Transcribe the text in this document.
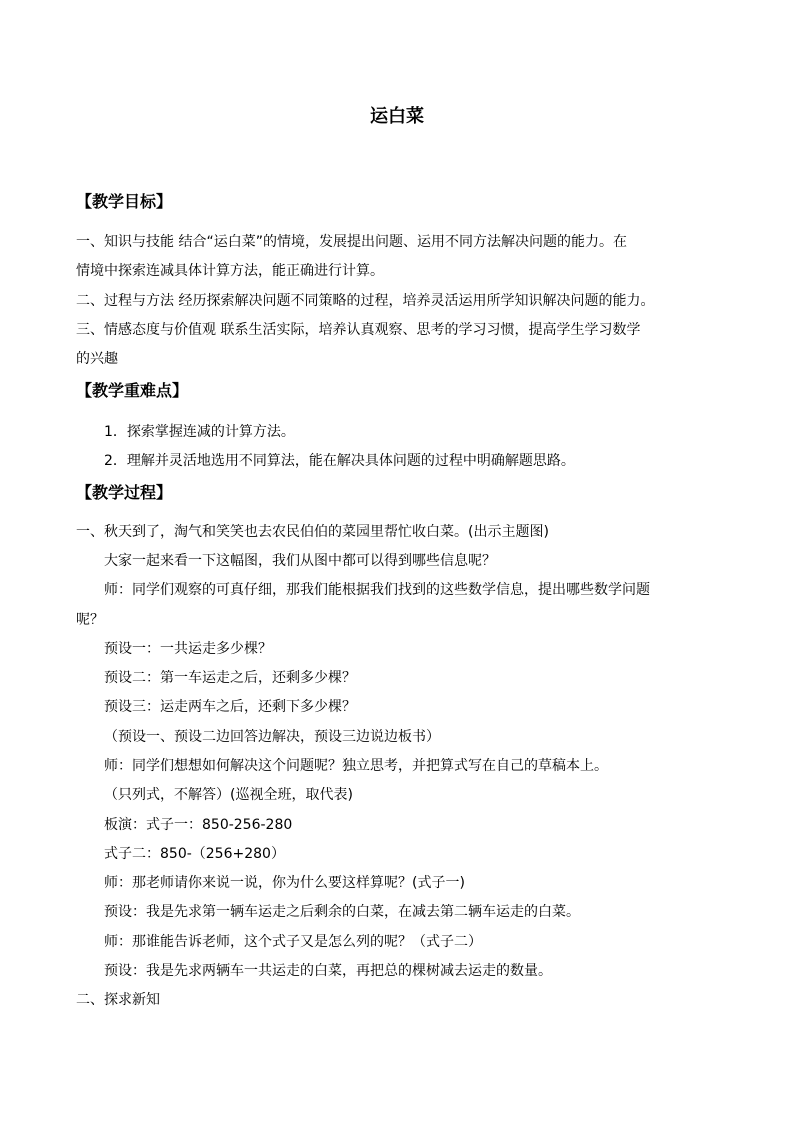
运白菜
【教学目标】
一、知识与技能 结合“运白菜”的情境，发展提出问题、运用不同方法解决问题的能力。在
情境中探索连减具体计算方法，能正确进行计算。
二、过程与方法 经历探索解决问题不同策略的过程，培养灵活运用所学知识解决问题的能力。
三、情感态度与价值观 联系生活实际，培养认真观察、思考的学习习惯，提高学生学习数学
的兴趣
【教学重难点】
1．探索掌握连减的计算方法。
2．理解并灵活地选用不同算法，能在解决具体问题的过程中明确解题思路。
【教学过程】
一、秋天到了，淘气和笑笑也去农民伯伯的菜园里帮忙收白菜。(出示主题图)
大家一起来看一下这幅图，我们从图中都可以得到哪些信息呢？
师：同学们观察的可真仔细，那我们能根据我们找到的这些数学信息，提出哪些数学问题
呢？
预设一：一共运走多少棵？
预设二：第一车运走之后，还剩多少棵？
预设三：运走两车之后，还剩下多少棵？
（预设一、预设二边回答边解决，预设三边说边板书）
师：同学们想想如何解决这个问题呢？独立思考，并把算式写在自己的草稿本上。
（只列式，不解答）(巡视全班，取代表)
板演：式子一：850-256-280
式子二：850-（256+280）
师：那老师请你来说一说，你为什么要这样算呢？(式子一)
预设：我是先求第一辆车运走之后剩余的白菜，在减去第二辆车运走的白菜。
师：那谁能告诉老师，这个式子又是怎么列的呢？（式子二）
预设：我是先求两辆车一共运走的白菜，再把总的棵树减去运走的数量。
二、探求新知
